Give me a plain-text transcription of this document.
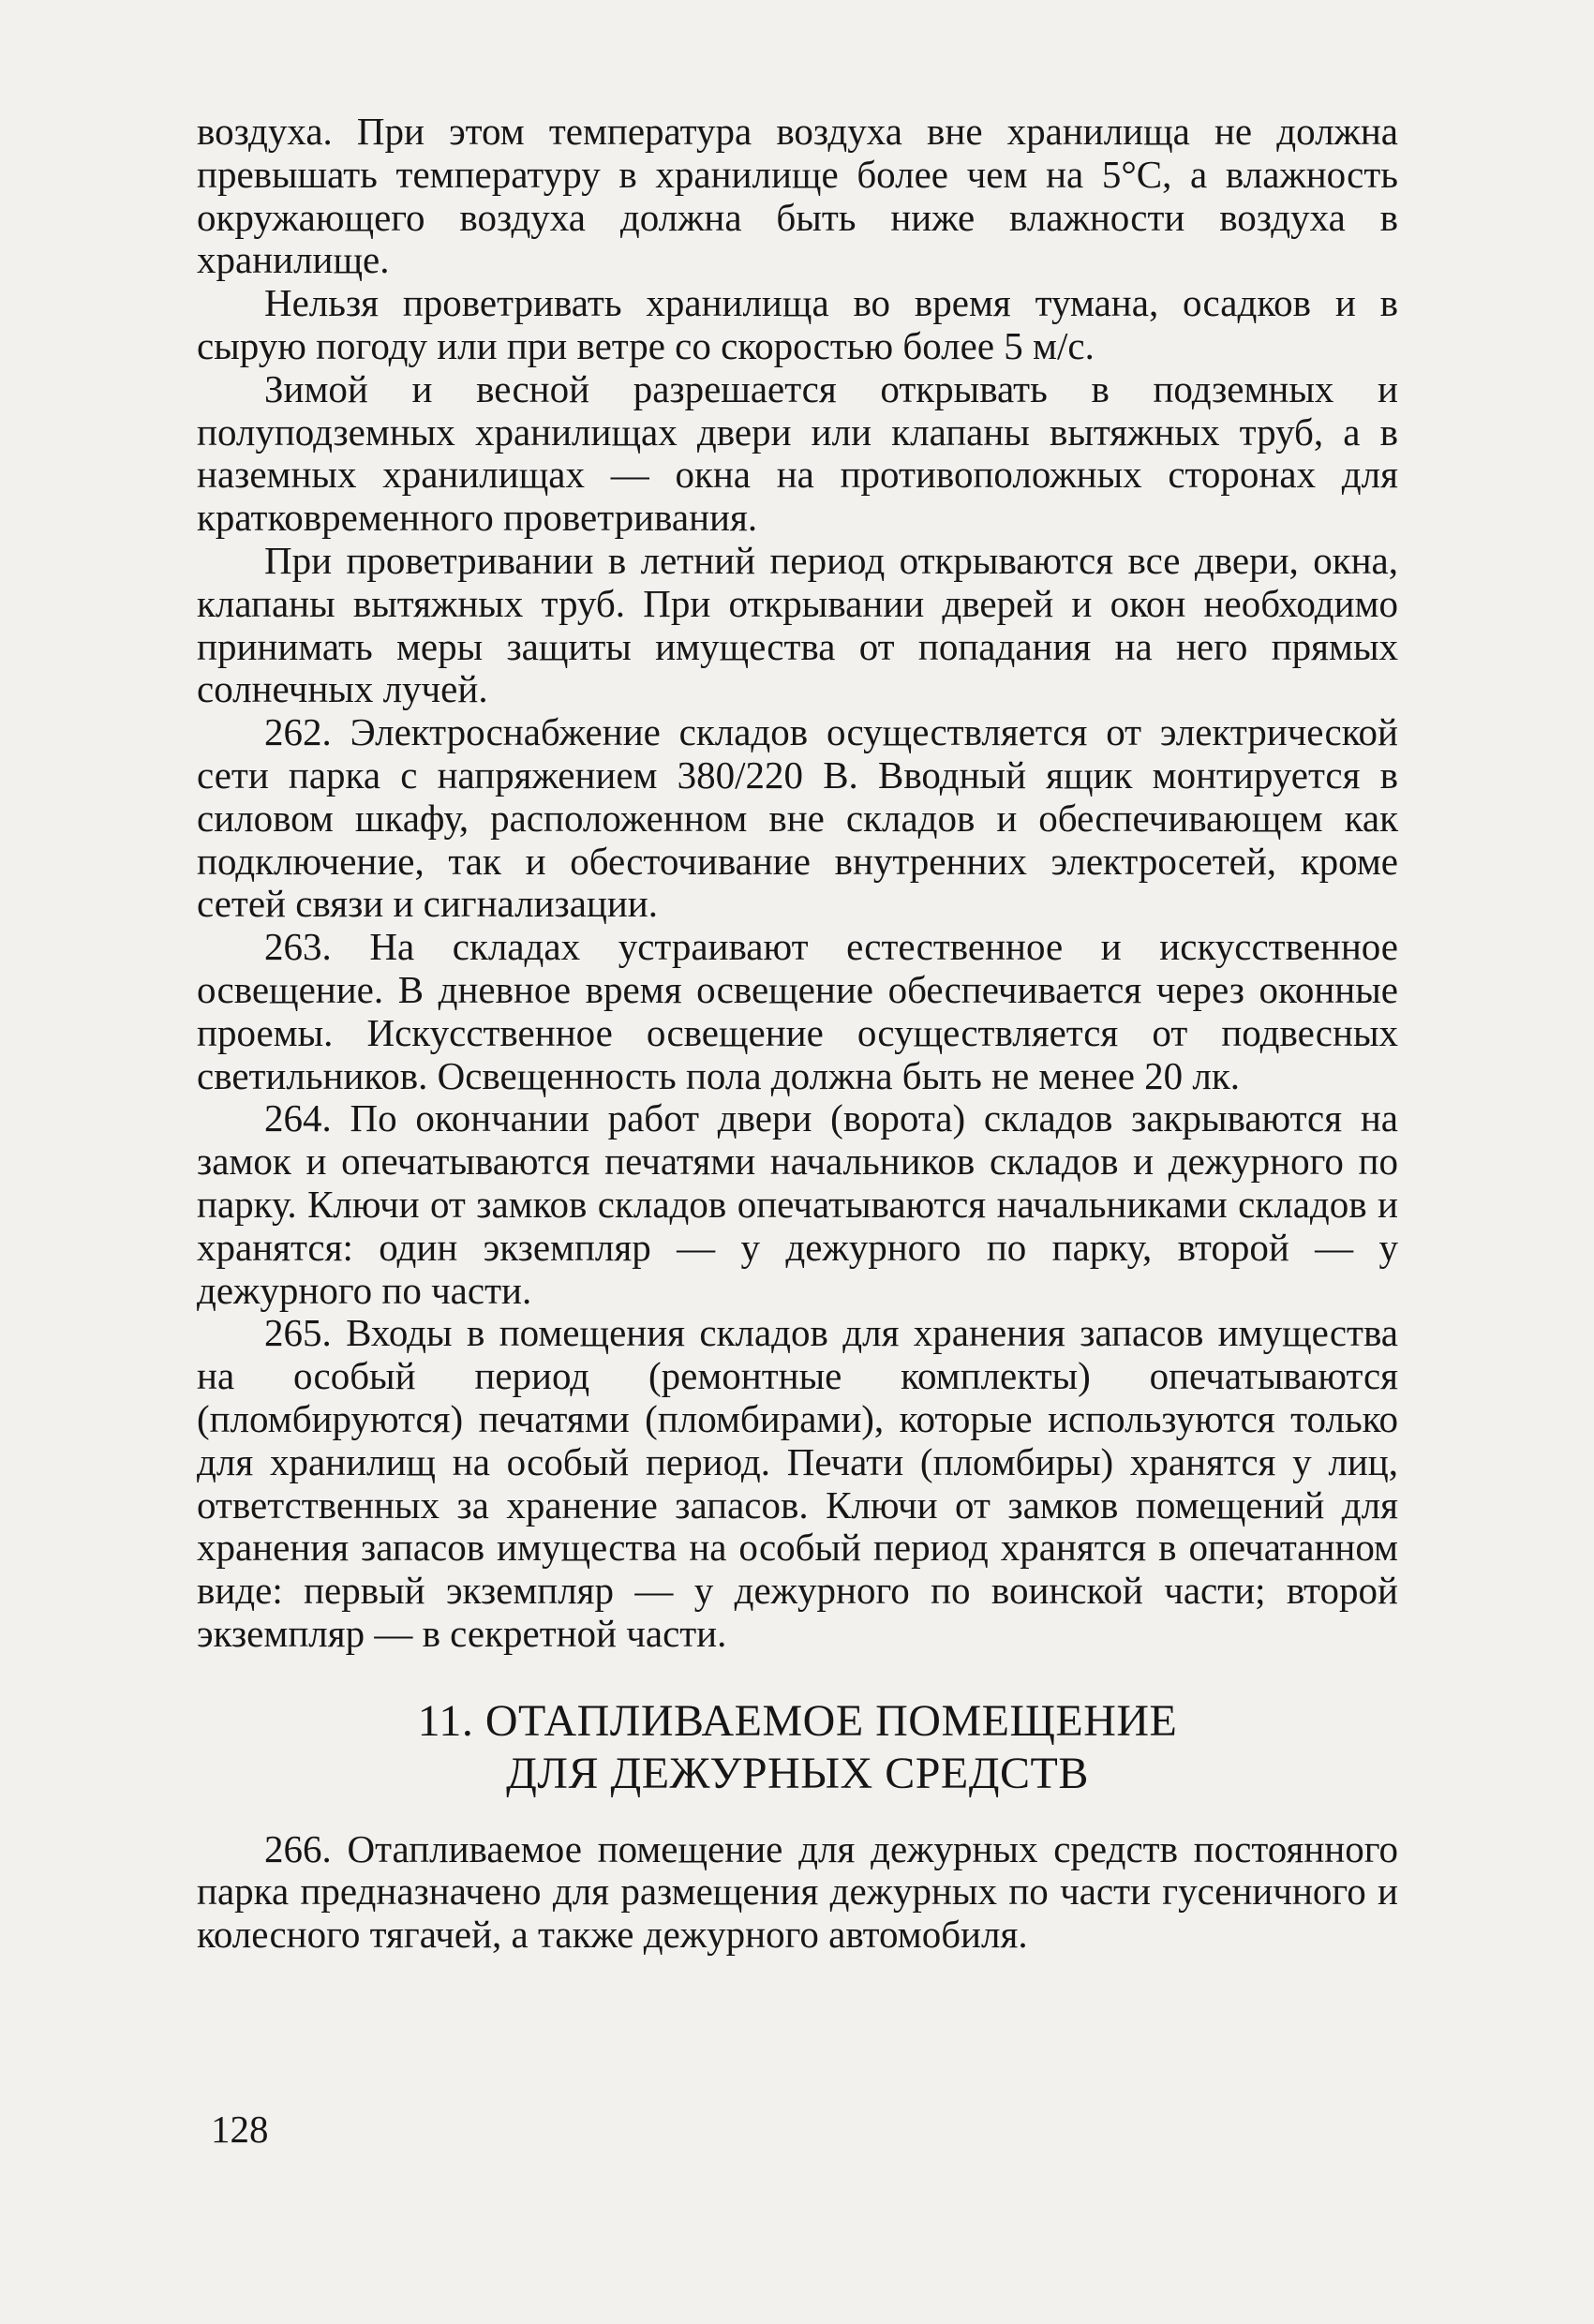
воздуха. При этом температура воздуха вне хранилища не должна превышать температуру в хранилище более чем на 5°С, а влажность окружающего воздуха должна быть ниже влажности воздуха в хранилище.

Нельзя проветривать хранилища во время тумана, осадков и в сырую погоду или при ветре со скоростью более 5 м/с.

Зимой и весной разрешается открывать в подземных и полуподземных хранилищах двери или клапаны вытяжных труб, а в наземных хранилищах — окна на противоположных сторонах для кратковременного проветривания.

При проветривании в летний период открываются все двери, окна, клапаны вытяжных труб. При открывании дверей и окон необходимо принимать меры защиты имущества от попадания на него прямых солнечных лучей.

262. Электроснабжение складов осуществляется от электрической сети парка с напряжением 380/220 В. Вводный ящик монтируется в силовом шкафу, расположенном вне складов и обеспечивающем как подключение, так и обесточивание внутренних электросетей, кроме сетей связи и сигнализации.

263. На складах устраивают естественное и искусственное освещение. В дневное время освещение обеспечивается через оконные проемы. Искусственное освещение осуществляется от подвесных светильников. Освещенность пола должна быть не менее 20 лк.

264. По окончании работ двери (ворота) складов закрываются на замок и опечатываются печатями начальников складов и дежурного по парку. Ключи от замков складов опечатываются начальниками складов и хранятся: один экземпляр — у дежурного по парку, второй — у дежурного по части.

265. Входы в помещения складов для хранения запасов имущества на особый период (ремонтные комплекты) опечатываются (пломбируются) печатями (пломбирами), которые используются только для хранилищ на особый период. Печати (пломбиры) хранятся у лиц, ответственных за хранение запасов. Ключи от замков помещений для хранения запасов имущества на особый период хранятся в опечатанном виде: первый экземпляр — у дежурного по воинской части; второй экземпляр — в секретной части.

11. ОТАПЛИВАЕМОЕ ПОМЕЩЕНИЕ
ДЛЯ ДЕЖУРНЫХ СРЕДСТВ

266. Отапливаемое помещение для дежурных средств постоянного парка предназначено для размещения дежурных по части гусеничного и колесного тягачей, а также дежурного автомобиля.

128
